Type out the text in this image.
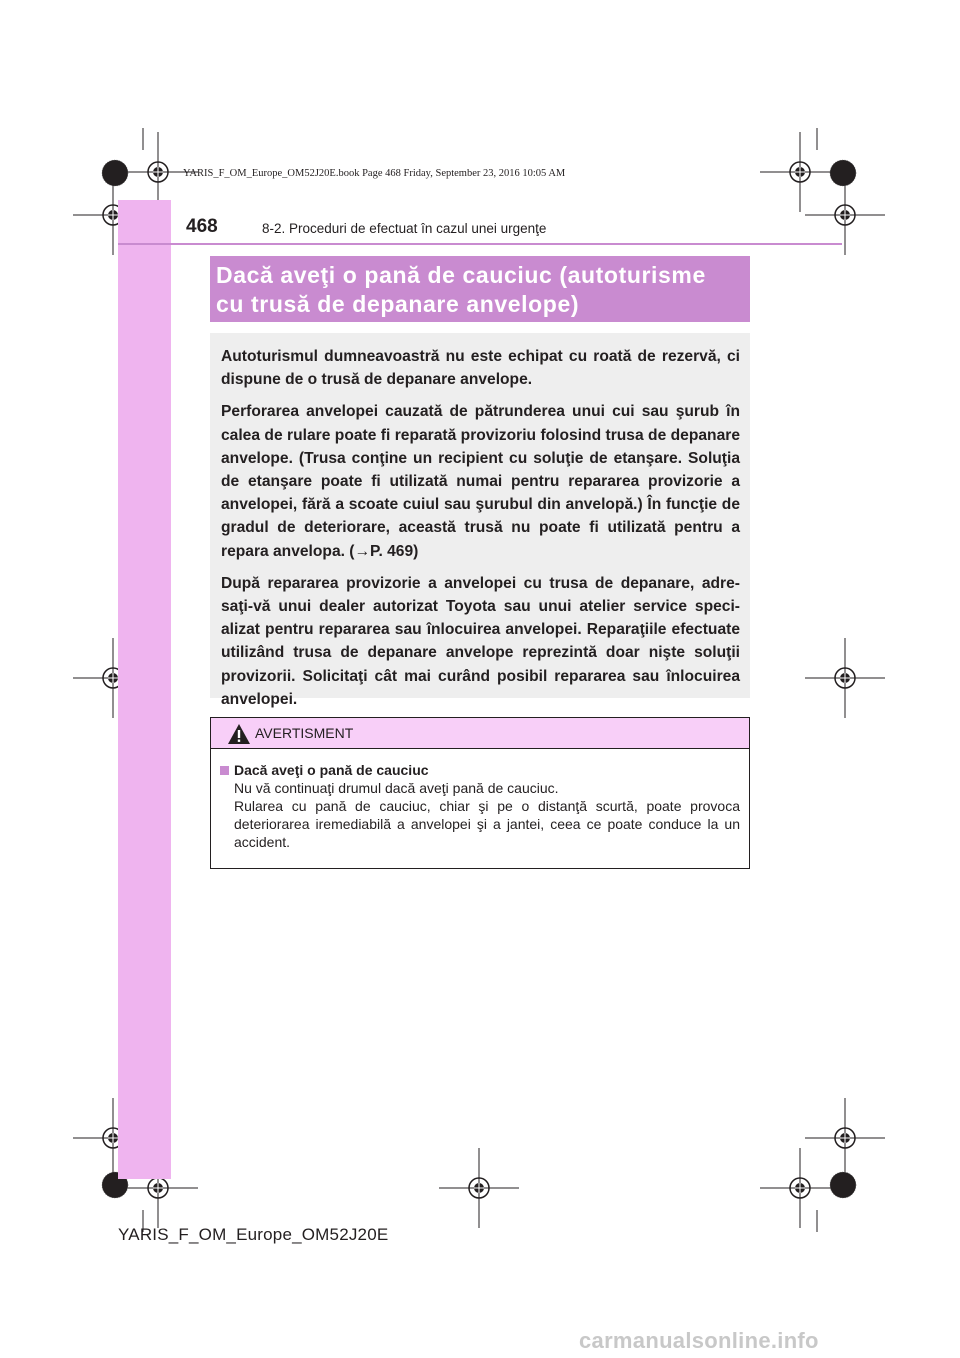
YARIS_F_OM_Europe_OM52J20E.book Page 468 Friday, September 23, 2016 10:05 AM
468	8-2. Proceduri de efectuat în cazul unei urgenţe
Dacă aveţi o pană de cauciuc (autoturisme
cu trusă de depanare anvelope)

Autoturismul dumneavoastră nu este echipat cu roată de rezervă, ci dispune de o trusă de depanare anvelope.

Perforarea anvelopei cauzată de pătrunderea unui cui sau şurub în calea de rulare poate fi reparată provizoriu folosind trusa de depanare anvelope. (Trusa conţine un recipient cu soluţie de etanşare. Soluţia de etanşare poate fi utilizată numai pentru repararea provizorie a anvelopei, fără a scoate cuiul sau şurubul din anvelopă.) În funcţie de gradul de deteriorare, această trusă nu poate fi utilizată pentru a repara anvelopa. (→P. 469)

După repararea provizorie a anvelopei cu trusa de depanare, adre-saţi-vă unui dealer autorizat Toyota sau unui atelier service speci-alizat pentru repararea sau înlocuirea anvelopei. Reparaţiile efectuate utilizând trusa de depanare anvelope reprezintă doar nişte soluţii provizorii. Solicitaţi cât mai curând posibil repararea sau înlocuirea anvelopei.

AVERTISMENT
Dacă aveţi o pană de cauciuc

Nu vă continuaţi drumul dacă aveţi pană de cauciuc.

Rularea cu pană de cauciuc, chiar şi pe o distanţă scurtă, poate provoca deteriorarea iremediabilă a anvelopei şi a jantei, ceea ce poate conduce la un accident.

YARIS_F_OM_Europe_OM52J20E
carmanualsonline.info
